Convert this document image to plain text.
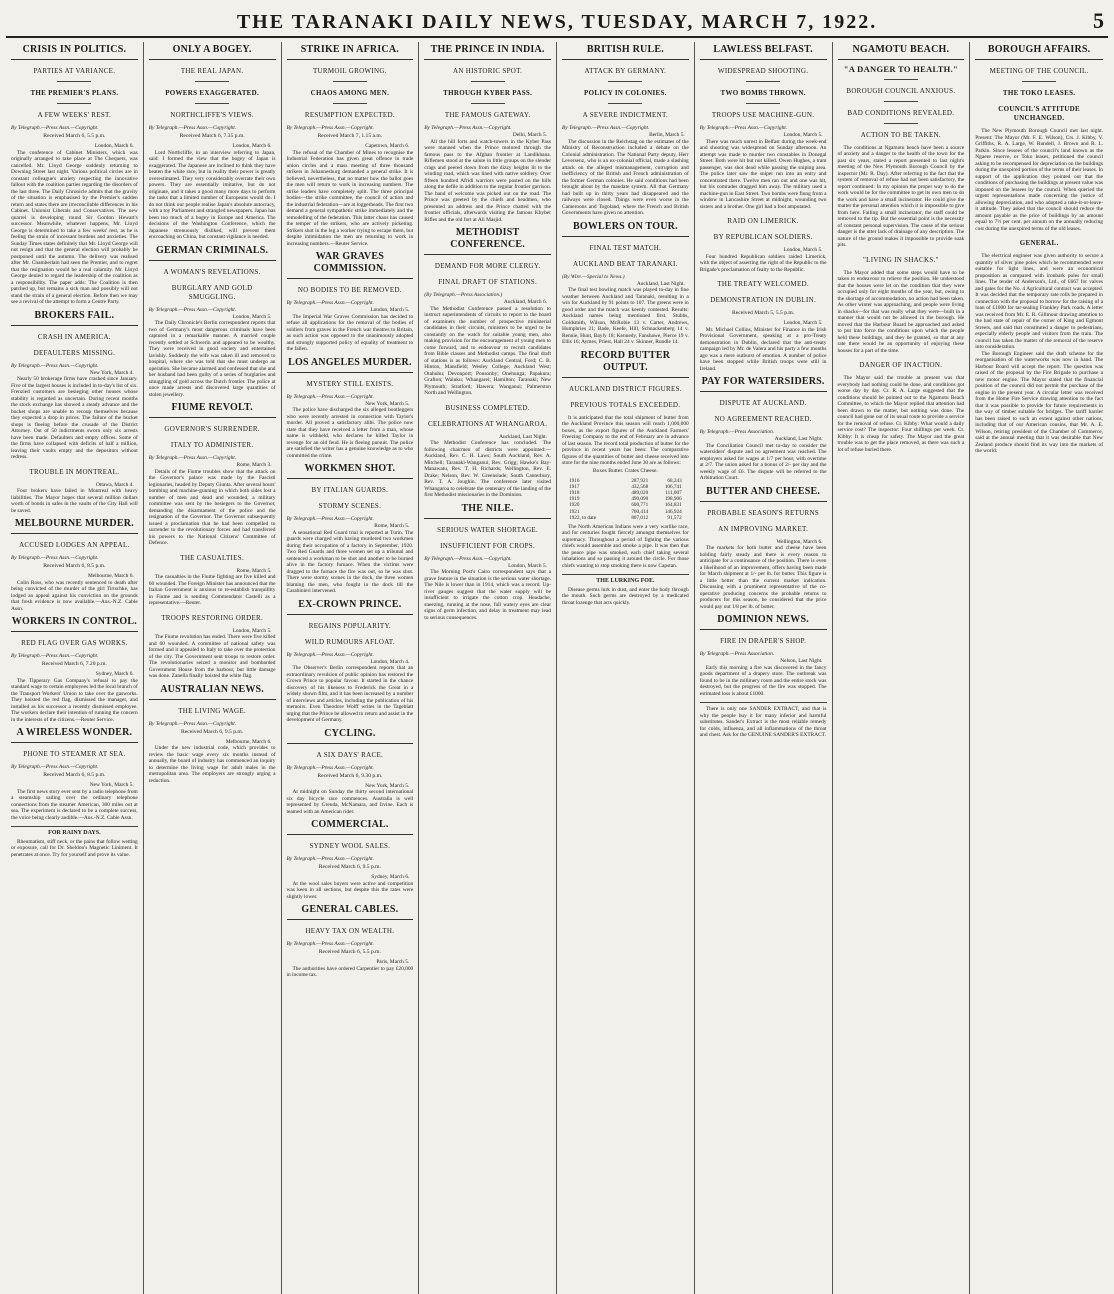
THE TARANAKI DAILY NEWS, TUESDAY, MARCH 7, 1922.	5
CRISIS IN POLITICS.
PARTIES AT VARIANCE.
THE PREMIER'S PLANS.
A FEW WEEKS' REST.
By Telegraph.—Press Assn.—Copyright.
Received March 6, 5.5 p.m.
London, March 6.

The conference of Cabinet Ministers, which was originally arranged to take place at The Chequers, was cancelled. Mr. Lloyd George suddenly returning to Downing Street last night. Various political circles are in constant colleague's anxiety respecting the innovative fallout with the coalition parties regarding the disorders of the last three. The Daily Chronicle admits that the gravity of the situation is emphasised by the Premier's sudden return and states there are irreconcilable differences in his Cabinet. Unionist Liberals and Conservatives. The new quarrel is developing round Sir Gordon Hewart's successor. Meanwhile, whatever happens, Mr. Lloyd George is determined to take a few weeks' rest, as he is feeling the strain of incessant burdens and anxieties. The Sunday Times states definitely that Mr. Lloyd George will not resign and that the general election will probably be postponed until the autumn. The delivery was realised after Mr. Chamberlain had seen the Premier, and to regret that the resignation would be a real calamity. Mr. Lloyd George denied to regard the leadership of the coalition as a responsibility. The paper adds: The Coalition is then patched up, but remains a sick man and possibly will not stand the strain of a general election. Before then we may see a revival of the attempt to form a Centre Party.

BROKERS FAIL.
CRASH IN AMERICA.
DEFAULTERS MISSING.
By Telegraph.—Press Assn.—Copyright.
New York, March 4.

Nearly 50 brokerage firms have crashed since January. Five of the largest houses is included in to-day's list of six. Frenzied customers are besieging other houses whose stability is regarded as uncertain. During recent months the stock exchange has showed a steady advance and the bucket shops are unable to recoup themselves because they expected a drop in prices. The failure of the bucket shops is fleeing before the crusade of the District Attorney. Out of 50 indictments sworn only six arrests have been made. Defaulters and empty offices. Some of the firms have collapsed with deficits of half a million, leaving their vaults empty and the depositors without redress.

TROUBLE IN MONTREAL.
Ottawa, March 4.

Four brokers have failed in Montreal with heavy liabilities. The Mayor hopes that several million dollars worth of bonds in safes in the vaults of the City Hall will be saved.

MELBOURNE MURDER.
ACCUSED LODGES AN APPEAL.
By Telegraph.—Press Assn.—Copyright.
Received March 6, 8.5 p.m.
Melbourne, March 6.

Colin Ross, who was recently sentenced to death after being convicted of the murder of the girl Tirtschke, has lodged an appeal against his conviction on the grounds that fresh evidence is now available.—Aus.-N.Z. Cable Assn.

WORKERS IN CONTROL.
RED FLAG OVER GAS WORKS.
By Telegraph.—Press Assn.—Copyright.
Received March 6, 7.20 p.m.
Sydney, March 6.

The Tipperary Gas Company's refusal to pay the standard wage to certain employees led the local branch of the Transport Workers' Union to take over the gasworks. They hoisted the red flag, dismissed the manager, and installed as his successor a recently dismissed employee. The workers declare their intention of running the concern in the interests of the citizens.—Reuter Service.

A WIRELESS WONDER.
PHONE TO STEAMER AT SEA.
By Telegraph.—Press Assn.—Copyright.
Received March 6, 8.5 p.m.
New York, March 5.

The first news story ever sent by a radio telephone from a steamship sailing over the ordinary telephone connections from the steamer American, 300 miles out at sea. The experiment is declared to be a complete success, the voice being clearly audible.—Aus.-N.Z. Cable Assn.

FOR RAINY DAYS.

Rheumatism, stiff neck, or the pains that follow wetting or exposure, call for Dr. Sheldon's Magnetic Liniment. It penetrates at once. Try for yourself and prove its value.

ONLY A BOGEY.
THE REAL JAPAN.
POWERS EXAGGERATED.
NORTHCLIFFE'S VIEWS.
By Telegraph.—Press Assn.—Copyright.
Received March 6, 7.35 p.m.
London, March 6.

Lord Northcliffe, in an interview referring to Japan, said: I formed the view that the bogey of Japan is exaggerated. The Japanese are inclined to think they have beaten the white race, but in reality their power is greatly overestimated. They very considerably overrate their own powers. They are essentially imitative, but do not originate, and it takes a good many more days to perform the tasks that a limited number of Europeans would do. I do not think our people realise Japan's absolute autocracy, with a toy Parliament and strangled newspapers. Japan has been too much of a bogey in Europe and America. The decisions of the Washington Conference, which the Japanese strenuously disliked, will prevent them encroaching on China, but constant vigilance is needed.

GERMAN CRIMINALS.
A WOMAN'S REVELATIONS.
BURGLARY AND GOLD SMUGGLING.
By Telegraph.—Press Assn.—Copyright.
London, March 5.

The Daily Chronicle's Berlin correspondent reports that two of Germany's most dangerous criminals have been captured in a remarkable manner. A married couple recently settled at Schwerin and appeared to be wealthy. They were received in good society and entertained lavishly. Suddenly the wife was taken ill and removed to hospital, where she was told that she must undergo an operation. She became alarmed and confessed that she and her husband had been guilty of a series of burglaries and smuggling of gold across the Dutch frontier. The police at once made arrests and discovered large quantities of stolen jewellery.

FIUME REVOLT.
GOVERNOR'S SURRENDER.
ITALY TO ADMINISTER.
By Telegraph.—Press Assn.—Copyright.
Rome, March 3.

Details of the Fiume troubles show that the attack on the Governor's palace was made by the Fascisti legionaries, headed by Deputy Giunta. After several hours' bombing and machine-gunning in which both sides lost a number of men and dead and wounded, a military committee was sent by the besiegers to the Governor, demanding the disarmament of the police and the resignation of the Governor. The Governor subsequently issued a proclamation that he had been compelled to surrender to the revolutionary forces and had transferred his powers to the National Citizens' Committee of Defence.

THE CASUALTIES.
Rome, March 5.

The casualties in the Fiume fighting are five killed and 60 wounded. The Foreign Minister has announced that the Italian Government is anxious to re-establish tranquillity in Fiume and is sending Commendator Castelli as a representative.—Reuter.

TROOPS RESTORING ORDER.
London, March 5.

The Fiume revolution has ended. There were five killed and 60 wounded. A committee of national safety was formed and it appealed to Italy to take over the protection of the city. The Government sent troops to restore order. The revolutionaries seized a monitor and bombarded Government House from the harbour, but little damage was done. Zanella finally hoisted the white flag.

AUSTRALIAN NEWS.
THE LIVING WAGE.
By Telegraph.—Press Assn.—Copyright.
Received March 6, 9.5 p.m.
Melbourne, March 6.

Under the new industrial code, which provides to review the basic wage every six months instead of annually, the board of industry has commenced an inquiry to determine the living wage for adult males in the metropolitan area. The employers are strongly urging a reduction.

STRIKE IN AFRICA.
TURMOIL GROWING.
CHAOS AMONG MEN.
RESUMPTION EXPECTED.
By Telegraph.—Press Assn.—Copyright.
Received March 7, 1.15 a.m.
Capetown, March 6.

The refusal of the Chamber of Mines to recognise the Industrial Federation has given great offence in trade union circles and a mass meeting of three thousand strikers in Johannesburg demanded a general strike. It is believed, nevertheless, that no matter how the ballot goes the men will return to work in increasing numbers. The strike leaders have completely split. The three principal bodies—the strike committee, the council of action and the industrial federation—are at loggerheads. The first two demand a general sympathetic strike immediately and the remodelling of the federation. This latter chaos has caused the temper of the strikers, who are actively picketing. Strikers shot in the leg a worker trying to escape them, but despite intimidation the men are returning to work in increasing numbers.—Reuter Service.

WAR GRAVES COMMISSION.
NO BODIES TO BE REMOVED.
By Telegraph.—Press Assn.—Copyright.
London, March 5.

The Imperial War Graves Commission has decided to refuse all applications for the removal of the bodies of soldiers from graves in the French war theatres to Britain, as such action was opposed to the unanimously adopted and strongly supported policy of equality of treatment to the fallen.

LOS ANGELES MURDER.
MYSTERY STILL EXISTS.
By Telegraph.—Press Assn.—Copyright.
New York, March 5.

The police have discharged the six alleged bootleggers who were recently arrested in connection with Taylor's murder. All proved a satisfactory alibi. The police now state that they have received a letter from a man, whose name is withheld, who declares he killed Taylor in revenge for an old feud. He is fleeing pursuit. The police are satisfied the writer has a genuine knowledge as to who committed the crime.

WORKMEN SHOT.
BY ITALIAN GUARDS.
STORMY SCENES.
By Telegraph.—Press Assn.—Copyright.
Rome, March 5.

A sensational Red Guard trial is reported at Turin. The guards were charged with having murdered two workmen during their occupation of a factory in September, 1920. Two Red Guards and three women set up a tribunal and sentenced a workman to be shot and another to be burned alive in the factory furnace. When the victims were dragged to the furnace the fire was out, so he was shot. There were stormy scenes in the dock, the three women blaming the men, who fought in the dock till the Carabinieri intervened.

EX-CROWN PRINCE.
REGAINS POPULARITY.
WILD RUMOURS AFLOAT.
By Telegraph.—Press Assn.—Copyright.
London, March 4.

The Observer's Berlin correspondent reports that an extraordinary revulsion of public opinion has restored the Crown Prince to popular favour. It started in the chance discovery of his likeness to Frederick the Great in a widely shown film, and it has been increased by a number of interviews and articles, including the publication of his memoirs. Even Theodore Wolff writes in the Tageblatt urging that the Prince be allowed to return and assist in the development of Germany.

CYCLING.
A SIX DAYS' RACE.
By Telegraph.—Press Assn.—Copyright.
Received March 6, 9.30 p.m.
New York, March 5.

At midnight on Sunday the thirty second international six day bicycle race commences. Australia is well represented by Grenda, McNamara, and Irvine. Each is teamed with an American rider.

COMMERCIAL.
SYDNEY WOOL SALES.
By Telegraph.—Press Assn.—Copyright.
Received March 6, 9.5 p.m.
Sydney, March 6.

At the wool sales buyers were active and competition was keen in all sections, but despite this the rates were slightly lower.

GENERAL CABLES.
HEAVY TAX ON WEALTH.
By Telegraph.—Press Assn.—Copyright.
Received March 6, 5.5 p.m.
Paris, March 5.

The authorities have ordered Carpentier to pay £20,000 in income tax.

THE PRINCE IN INDIA.
AN HISTORIC SPOT.
THROUGH KYBER PASS.
THE FAMOUS GATEWAY.
By Telegraph.—Press Assn.—Copyright.
Delhi, March 5.

All the hill forts and watch-towers in the Kyber Pass were manned when the Prince motored through the famous pass to the Afghan frontier at Landikhana. Riflemen stood at the salute in little groups on the slender crags and peered down from the dizzy heights lit to the winding road, which was lined with native soldiery. Over fifteen hundred Afridi warriors were posted on the hills along the defile in addition to the regular frontier garrison. The band of welcome was picked out on the road. The Prince was greeted by the chiefs and headmen, who presented an address and the Prince chatted with the frontier officials, afterwards visiting the famous Khyber Rifles and the old fort at Ali Masjid.

METHODIST CONFERENCE.
DEMAND FOR MORE CLERGY.
FINAL DRAFT OF STATIONS.
(By Telegraph.—Press Association.)
Auckland, March 6.

The Methodist Conference passed a resolution to instruct superintendents of circuits to report to the board of examiners the number of prospective ministerial candidates in their circuits, ministers to be urged to be constantly on the watch for suitable young men, also making provision for the encouragement of young men to come forward, and to endeavour to recruit candidates from Bible classes and Methodist camps. The final draft of stations is as follows: Auckland Central, Ford; C. B. Hinton, Mansfield; Wesley College; Auckland West; Otahuhu; Devonport; Ponsonby; Onehunga; Papakura; Grafton; Waiuku; Whangarei; Hamilton; Taranaki; New Plymouth; Stratford; Hawera; Wanganui; Palmerston North and Wellington.

BUSINESS COMPLETED.
CELEBRATIONS AT WHANGAROA.
Auckland, Last Night.

The Methodist Conference has concluded. The following chairmen of districts were appointed:—Auckland, Rev. C. H. Laws; South Auckland, Rev. A. Mitchell; Taranaki-Wanganui, Rev. Grigg; Hawke's Bay-Manawatu, Rev. T. H. Richards; Wellington, Rev. E. Drake; Nelson, Rev. W. Greenslade; South Canterbury, Rev. T. A. Joughin. The conference later visited Whangaroa to celebrate the centenary of the landing of the first Methodist missionaries in the Dominion.

THE NILE.
SERIOUS WATER SHORTAGE.
INSUFFICIENT FOR CROPS.
By Telegraph.—Press Assn.—Copyright.
London, March 5.

The Morning Post's Cairo correspondent says that a grave feature in the situation is the serious water shortage. The Nile is lower than in 1914, which was a record. Up-river gauges suggest that the water supply will be insufficient to irrigate the cotton crop. Headache, sneezing, running at the nose, full watery eyes are clear signs of germ infection, and delay in treatment may lead to serious consequences.

BRITISH RULE.
ATTACK BY GERMANY.
POLICY IN COLONIES.
A SEVERE INDICTMENT.
By Telegraph.—Press Assn.—Copyright.
Berlin, March 5.

The discussion in the Reichstag on the estimates of the Ministry of Reconstruction included a debate on the Colonial administration. The National Party deputy, Herr Leversenz, who is an ex-colonial official, made a slashing attack on the alleged mismanagement, corruption and inefficiency of the British and French administration of the former German colonies. He said conditions had been brought about by the mandate system. All that Germany had built up in thirty years had disappeared and the railways were closed. Things were even worse in the Cameroons and Togoland, where the French and British Governments have given no attention.

BOWLERS ON TOUR.
FINAL TEST MATCH.
AUCKLAND BEAT TARANAKI.
(By Wire.—Special to News.)
Auckland, Last Night.

The final test bowling match was played to-day in fine weather between Auckland and Taranaki, resulting in a win for Auckland by 91 points to 107. The greens were in good order and the match was keenly contested. Results: Auckland names being mentioned first. Stubbs, Goldsmith, Wilson, McRobie 13 v. Carter, Andrews, Humphries 21; Bade, Keefe, Hill, Schnackenberg 14 v. Rennie, Hunt, Bayly 18; Kennedy, Fanshawe, Pierce 19 v. Ellis 16; Aymes, Priest, Hall 24 v. Skinner, Rundle 14.

RECORD BUTTER OUTPUT.
AUCKLAND DISTRICT FIGURES.
PREVIOUS TOTALS EXCEEDED.

It is anticipated that the total shipment of butter from the Auckland Province this season will reach 1,000,000 boxes, as the export figures of the Auckland Farmers' Freezing Company to the end of February are in advance of last season. The record total production of butter for the province in recent years has been: The comparative figures of the quantities of butter and cheese received into store for the nine months ended June 30 are as follows:

Boxes Butter. Crates Cheese.
1916	287,921	68,243
1917	432,568	106,741
1918	489,020	111,007
1919	490,090	198,906
1920	600,771	164,831
1921	760,414	146,924
1922, to date	807,012	91,572

The North American Indians were a very warlike race, and for centuries fought fiercely amongst themselves for supremacy. Throughout a period of fighting the various chiefs would assemble and smoke a pipe. It was then that the peace pipe was smoked, each chief taking several inhalations and so passing it around the circle. For those chiefs wanting to stop smoking there is now Capstan.

THE LURKING FOE.

Disease germs lurk in dust, and enter the body through the mouth. Such germs are destroyed by a medicated throat lozenge that acts quickly.

LAWLESS BELFAST.
WIDESPREAD SHOOTING.
TWO BOMBS THROWN.
TROOPS USE MACHINE-GUN.
By Telegraph.—Press Assn.—Copyright.
London, March 5.

There was much unrest in Belfast during the week-end and shooting was widespread on Sunday afternoon. An attempt was made to murder two constables in Donegal Street. Both were hit but not killed. Owen Hughes, a tram passenger, was shot dead while passing the sniping area. The police later saw the sniper run into an entry and concentrated there. Twelve men ran out and one was hit, but his comrades dragged him away. The military used a machine-gun in East Street. Two bombs were flung from a window in Lancashire Street at midnight, wounding two sisters and a brother. One girl had a foot amputated.

RAID ON LIMERICK.
BY REPUBLICAN SOLDIERS.
London, March 5.

Four hundred Republican soldiers raided Limerick, with the object of asserting the right of the Republic to the Brigade's proclamation of fealty to the Republic.

THE TREATY WELCOMED.
DEMONSTRATION IN DUBLIN.
Received March 5, 5.5 p.m.
London, March 5.

Mr. Michael Collins, Minister for Finance in the Irish Provisional Government, speaking at a pro-Treaty demonstration in Dublin, declared that the anti-treaty campaign led by Mr. de Valera and his party a few months ago was a mere outburst of emotion. A number of police have been stopped while British troops were still in Ireland.

PAY FOR WATERSIDERS.
DISPUTE AT AUCKLAND.
NO AGREEMENT REACHED.
By Telegraph.—Press Association.
Auckland, Last Night.

The Conciliation Council met to-day to consider the watersiders' dispute and no agreement was reached. The employers asked for wages at 1/7 per hour, with overtime at 2/7. The union asked for a bonus of 2/- per day and the weekly wage of £6. The dispute will be referred to the Arbitration Court.

BUTTER AND CHEESE.
PROBABLE SEASON'S RETURNS
AN IMPROVING MARKET.
Wellington, March 6.

The markets for both butter and cheese have been holding fairly steady and there is every reason to anticipate for a continuance of the position. There is even a likelihood of an improvement, offers having been made for March shipment at 1/- per lb. for butter. This figure is a little better than the current market indication. Discussing with a prominent representative of the co-operative producing concerns the probable returns to producers for this season, he considered that the price would pay out 1/8 per lb. of butter.

DOMINION NEWS.
FIRE IN DRAPER'S SHOP.
By Telegraph.—Press Association.
Nelson, Last Night.

Early this morning a fire was discovered in the fancy goods department of a drapery store. The outbreak was found to be in the millinery room and the entire stock was destroyed, but the progress of the fire was stopped. The estimated loss is about £1000.

There is only one SANDER EXTRACT, and that is why the people buy it for many inferior and harmful substitutes. Sander's Extract is the most reliable remedy for colds, influenza, and all inflammations of the throat and chest. Ask for the GENUINE SANDER'S EXTRACT.

NGAMOTU BEACH.
"A DANGER TO HEALTH."
BOROUGH COUNCIL ANXIOUS.
BAD CONDITIONS REVEALED.
ACTION TO BE TAKEN.

The conditions at Ngamotu beach have been a source of anxiety and a danger to the health of the town for the past six years, stated a report presented to last night's meeting of the New Plymouth Borough Council by the inspector (Mr. R. Day). After referring to the fact that the system of removal of refuse had not been satisfactory, the report continued: In my opinion the proper way to do the work would be for the committee to get its own men to do the work and have a small incinerator. He could give the matter the personal attention which it is impossible to give from here. Failing a small incinerator, the staff could be removed to the tip. But the essential point is the necessity of constant personal supervision. The cause of the serious danger is the utter lack of drainage of any description. The nature of the ground makes it impossible to provide soak pits.

"LIVING IN SHACKS."

The Mayor added that some steps would have to be taken to endeavour to relieve the position. He understood that the houses were let on the condition that they were occupied only for eight months of the year, but, owing to the shortage of accommodation, no action had been taken. As other winter was approaching, and people were living in shacks—for that was really what they were—built in a manner that would not be allowed in the borough. He moved that the Harbour Board be approached and asked to put into force the conditions upon which the people held these buildings, and they be granted, so that at any rate there would be an opportunity of enjoying these houses for a part of the time.

DANGER OF INACTION.

The Mayor said the trouble at present was that everybody had nothing could be done, and conditions got worse day by day. Cr. R. A. Large suggested that the conditions should be pointed out to the Ngamotu Beach Committee, to which the Mayor replied that attention had been drawn to the matter, but nothing was done. The council had gone out of its usual route to provide a service for the removal of refuse. Cr. Kibby: What would a daily service cost? The inspector: Four shillings per week. Cr. Kibby: It is cheap for safety. The Mayor and the great trouble was to get the place removed, as there was such a lot of refuse buried there.

BOROUGH AFFAIRS.
MEETING OF THE COUNCIL.
THE TOKO LEASES.
COUNCIL'S ATTITUDE UNCHANGED.

The New Plymouth Borough Council met last night. Present: The Mayor (Mr. F. E. Wilson), Crs. J. Kibby, V. Griffiths, R. A. Large, W. Rundell, J. Brown and R. L. Parkin. Since lessees of the council's land known as the Ngaere reserve, or Toko leases, petitioned the council asking to be recompensed for depreciation on the buildings during the unexpired portion of the terms of their leases. In support of the application they pointed out that the conditions of purchasing the buildings at present value was imposed on the lessees by the council. When queried the urgent representations made concerning the justice of allowing depreciation, and who adopted a take-it-or-leave-it attitude. They asked that the council should reduce the amount payable as the price of buildings by an amount equal to 7½ per cent. per annum on the annually reducing cost during the unexpired terms of the old leases.

GENERAL.

The electrical engineer was given authority to secure a quantity of silver pine poles which he recommended were suitable for light lines, and were an economical proposition as compared with ironbark poles for small lines. The tender of Anderson's, Ltd., of £667 for valves and gates for the No. 4 Agricultural contract was accepted. It was decided that the temporary rate rolls be prepared in connection with the proposal to borrow for the raising of a loan of £1000 for tar-sealing Frankley Park roads. A letter was received from Mr. E. R. Gillmour drawing attention to the bad state of repair of the corner of King and Egmont Streets, and said that constituted a danger to pedestrians, especially elderly people and visitors from the train. The council has taken the matter of the removal of the reserve into consideration.

The Borough Engineer said the draft scheme for the reorganisation of the waterworks was now in hand. The Harbour Board will accept the report. The question was raised of the proposal by the Fire Brigade to purchase a new motor engine. The Mayor stated that the financial position of the council did not permit the purchase of the engine in the present year. A circular letter was received from the Home Fire Service drawing attention to the fact that it was possible to provide for future requirements in the way of timber suitable for bridges. The tariff barrier has been raised to such an extent against other nations, including that of our American cousins, that Mr. A. E. Wilson, retiring president of the Chamber of Commerce, said at the annual meeting that it was desirable that New Zealand produce should find its way into the markets of the world.
